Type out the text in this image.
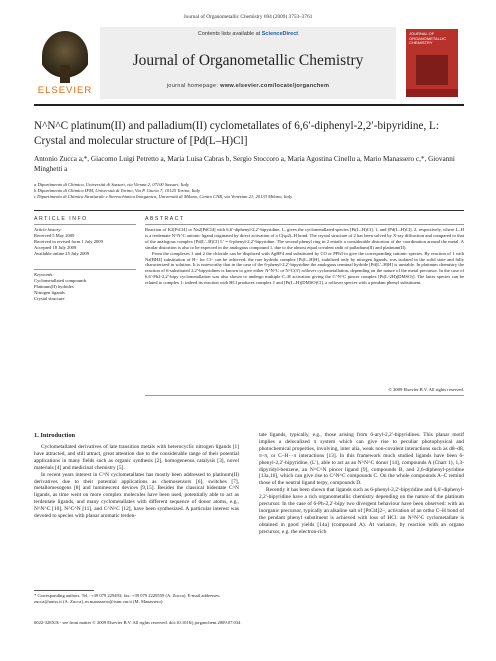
Journal of Organometallic Chemistry 694 (2009) 3753–3761
ELSEVIER
Contents lists available at ScienceDirect
Journal of Organometallic Chemistry
journal homepage: www.elsevier.com/locate/jorganchem
JOURNAL OF ORGANOMETALLIC CHEMISTRY
N^N^C platinum(II) and palladium(II) cyclometallates of 6,6′-diphenyl-2,2′-bipyridine, L: Crystal and molecular structure of [Pd(L–H)Cl]
Antonio Zucca a,*, Giacomo Luigi Petretto a, Maria Luisa Cabras b, Sergio Stoccoro a, Maria Agostina Cinellu a, Mario Manassero c,*, Giovanni Minghetti a
a Dipartimento di Chimica, Università di Sassari, via Vienna 2, 07100 Sassari, Italy
b Dipartimento di Chimica IFM, Università di Torino, Via P. Giuria 7, 10125 Torino, Italy
c Dipartimento di Chimica Strutturale e Stereochimica Inorganica, Università di Milano, Centro CNR, via Venezian 21, 20133 Milano, Italy
ARTICLE INFO
Article history:
Received 5 May 2009
Received in revised form 1 July 2009
Accepted 18 July 2009
Available online 25 July 2009
Keywords:
Cyclometallated compounds
Platinum(II) hydrides
Nitrogen ligands
Crystal structure
ABSTRACT

Reaction of K2[PtCl4] or Na2[PdCl4] with 6,6′-diphenyl-2,2′-bipyridine, L, gives the cyclometallated species [Pt(L–H)Cl], 1, and [Pd(L–H)Cl], 2, respectively, where L–H is a terdentate N^N^C anionic ligand originated by direct activation of a C(sp2)–H bond. The crystal structure of 2 has been solved by X-ray diffraction and compared to that of the analogous complex [Pd(L′–H)Cl] L′ = 6-phenyl-2,2′-bipyridine. The second phenyl ring in 2 entails a considerable distortion of the coordination around the metal. A similar distortion is also to be expected in the analogous compound 1, due to the almost equal covalent radii of palladium(II) and platinum(II).

From the complexes 1 and 2 the chloride can be displaced with AgBF4 and substituted by CO or PPh3 to give the corresponding cationic species. By reaction of 1 with Na[BH4] substitution of H− for Cl− can be achieved: the rare hydrido complex [Pt(L–H)H], stabilized only by nitrogen ligands, was isolated in the solid state and fully characterized in solution. It is noteworthy that in the case of the 6-phenyl-2,2′-bipyridine the analogous terminal hydride [Pd(L′–H)H] is unstable. In platinum chemistry the reaction of 6-substituted 2,2′-bipyridines is known to give either N^N^C or N^C(3′) rollover cyclometallation, depending on the nature of the metal precursor. In the case of 6,6′-Ph2-2,2′-bipy cyclometallation was also shown to undergo multiple C–H activation giving the C^N^C pincer complex [Pt(L-2H)(DMSO)]. The latter species can be related to complex 1: indeed its reaction with HCl produces complex 1 and [Pt(L–H)(DMSO)Cl], a rollover species with a pendant phenyl substituent.

© 2009 Elsevier B.V. All rights reserved.
1. Introduction

Cyclometallated derivatives of late transition metals with heterocyclic nitrogen ligands [1] have attracted, and still attract, great attention due to the considerable range of their potential applications in many fields such as organic synthesis [2], homogeneous catalysis [3], novel materials [4] and medicinal chemistry [5].

In recent years interest in C^N cyclometallates has mostly been addressed to platinum(II) derivatives due to their potential applications as chemosensors [6], switches [7], metallomesogens [8] and luminescent devices [9,15]. Besides the classical bidentate C^N ligands, as time went on more complex molecules have been used, potentially able to act as terdentate ligands, and many cyclometallates with different sequence of donor atoms, e.g., N^N^C [10], N^C^N [11], and C^N^C [12], have been synthesized. A particular interest was devoted to species with planar aromatic terden-

tate ligands, typically, e.g., those arising from 6-aryl-2,2′-bipyridines. This planar motif implies a delocalized π system which can give rise to peculiar photophysical and photochemical properties, involving, inter alia, weak non-covalent interactions such as d8–d8, π–π, or C–H···π interactions [13]. In this framework much studied ligands have been 6-phenyl-2,2′-bipyridine, (L′), able to act as an N^N^C donor [14], compounds A (Chart 1), 1,3-dipyridyl-benzene, an N^C^N pincer ligand [9], compounds B, and 2,6-diphenyl-pyridine [13a,16], which can give rise to C^N^C compounds C. On the whole compounds A–C remind those of the neutral ligand terpy, compounds D.

Recently it has been shown that ligands such as 6-phenyl-2,2′-bipyridine and 6,6′-diphenyl-2,2′-bipyridine have a rich organometallic chemistry depending on the nature of the platinum precursor. In the case of 6-Ph-2,2′-bipy two divergent behaviour have been observed: with an inorganic precursor, typically an alkaline salt of [PtCl4]2−, activation of an ortho C–H bond of the pendant phenyl substituent is achieved with loss of HCl: an N^N^C cyclometallate is obtained in good yields [14a] (compound A). At variance, by reaction with an organo precursor, e.g. the electron-rich

* Corresponding authors. Tel.: +39 079 229493; fax: +39 079 2229559 (A. Zucca). E-mail addresses: zucca@uniss.it (A. Zucca), m.manassero@istm.cnr.it (M. Manassero).
0022-328X/$ - see front matter © 2009 Elsevier B.V. All rights reserved. doi:10.1016/j.jorganchem.2009.07.034
